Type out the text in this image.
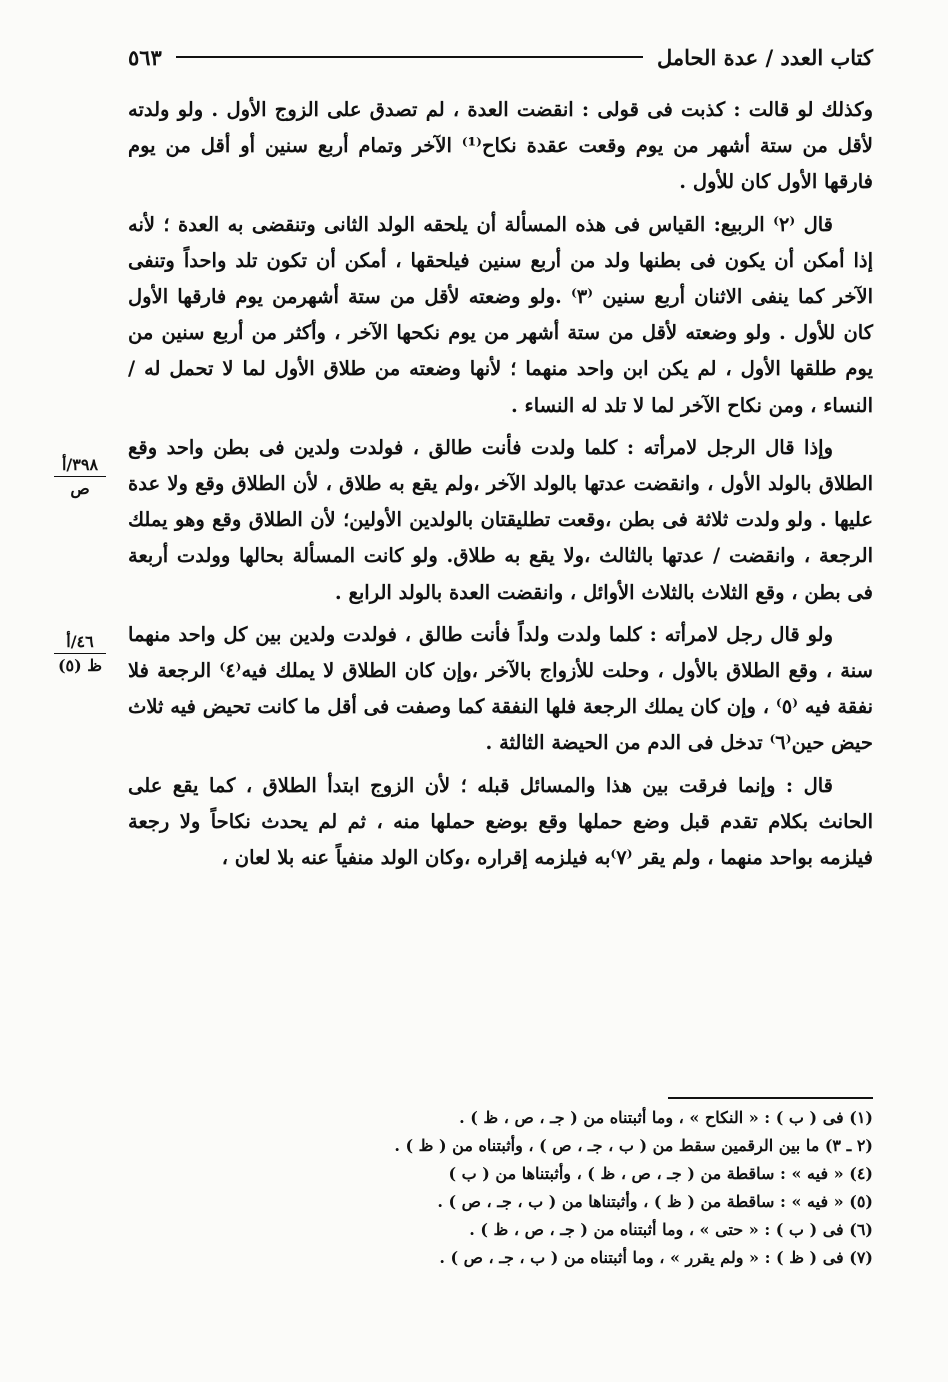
كتاب العدد / عدة الحامل
٥٦٣

وكذلك لو قالت : كذبت فى قولى : انقضت العدة ، لم تصدق على الزوج الأول . ولو ولدته لأقل من ستة أشهر من يوم وقعت عقدة نكاح⁽¹⁾ الآخر وتمام أربع سنين أو أقل من يوم فارقها الأول كان للأول .

قال ⁽٢⁾ الربيع: القياس فى هذه المسألة أن يلحقه الولد الثانى وتنقضى به العدة ؛ لأنه إذا أمكن أن يكون فى بطنها ولد من أربع سنين فيلحقها ، أمكن أن تكون تلد واحداً وتنفى الآخر كما ينفى الاثنان أربع سنين ⁽٣⁾ .ولو وضعته لأقل من ستة أشهرمن يوم فارقها الأول كان للأول . ولو وضعته لأقل من ستة أشهر من يوم نكحها الآخر ، وأكثر من أربع سنين من يوم طلقها الأول ، لم يكن ابن واحد منهما ؛ لأنها وضعته من طلاق الأول لما لا تحمل له / النساء ، ومن نكاح الآخر لما لا تلد له النساء .

وإذا قال الرجل لامرأته : كلما ولدت فأنت طالق ، فولدت ولدين فى بطن واحد وقع الطلاق بالولد الأول ، وانقضت عدتها بالولد الآخر ،ولم يقع به طلاق ، لأن الطلاق وقع ولا عدة عليها . ولو ولدت ثلاثة فى بطن ،وقعت تطليقتان بالولدين الأولين؛ لأن الطلاق وقع وهو يملك الرجعة ، وانقضت / عدتها بالثالث ،ولا يقع به طلاق. ولو كانت المسألة بحالها وولدت أربعة فى بطن ، وقع الثلاث بالثلاث الأوائل ، وانقضت العدة بالولد الرابع .

ولو قال رجل لامرأته : كلما ولدت ولداً فأنت طالق ، فولدت ولدين بين كل واحد منهما سنة ، وقع الطلاق بالأول ، وحلت للأزواج بالآخر ،وإن كان الطلاق لا يملك فيه⁽٤⁾ الرجعة فلا نفقة فيه ⁽٥⁾ ، وإن كان يملك الرجعة فلها النفقة كما وصفت فى أقل ما كانت تحيض فيه ثلاث حيض حين⁽٦⁾ تدخل فى الدم من الحيضة الثالثة .

قال : وإنما فرقت بين هذا والمسائل قبله ؛ لأن الزوج ابتدأ الطلاق ، كما يقع على الحانث بكلام تقدم قبل وضع حملها وقع بوضع حملها منه ، ثم لم يحدث نكاحاً ولا رجعة فيلزمه بواحد منهما ، ولم يقر ⁽٧⁾به فيلزمه إقراره ،وكان الولد منفياً عنه بلا لعان ،

٣٩٨/أ
ص
٤٦/أ
ظ (٥)
(١) فى ( ب ) : « النكاح » ، وما أثبتناه من ( جـ ، ص ، ظ ) .
(٢ ـ ٣) ما بين الرقمين سقط من ( ب ، جـ ، ص ) ، وأثبتناه من ( ظ ) .
(٤) « فيه » : ساقطة من ( جـ ، ص ، ظ ) ، وأثبتناها من ( ب )
(٥) « فيه » : ساقطة من ( ظ ) ، وأثبتناها من ( ب ، جـ ، ص ) .
(٦) فى ( ب ) : « حتى » ، وما أثبتناه من ( جـ ، ص ، ظ ) .
(٧) فى ( ظ ) : « ولم يقرر » ، وما أثبتناه من ( ب ، جـ ، ص ) .
